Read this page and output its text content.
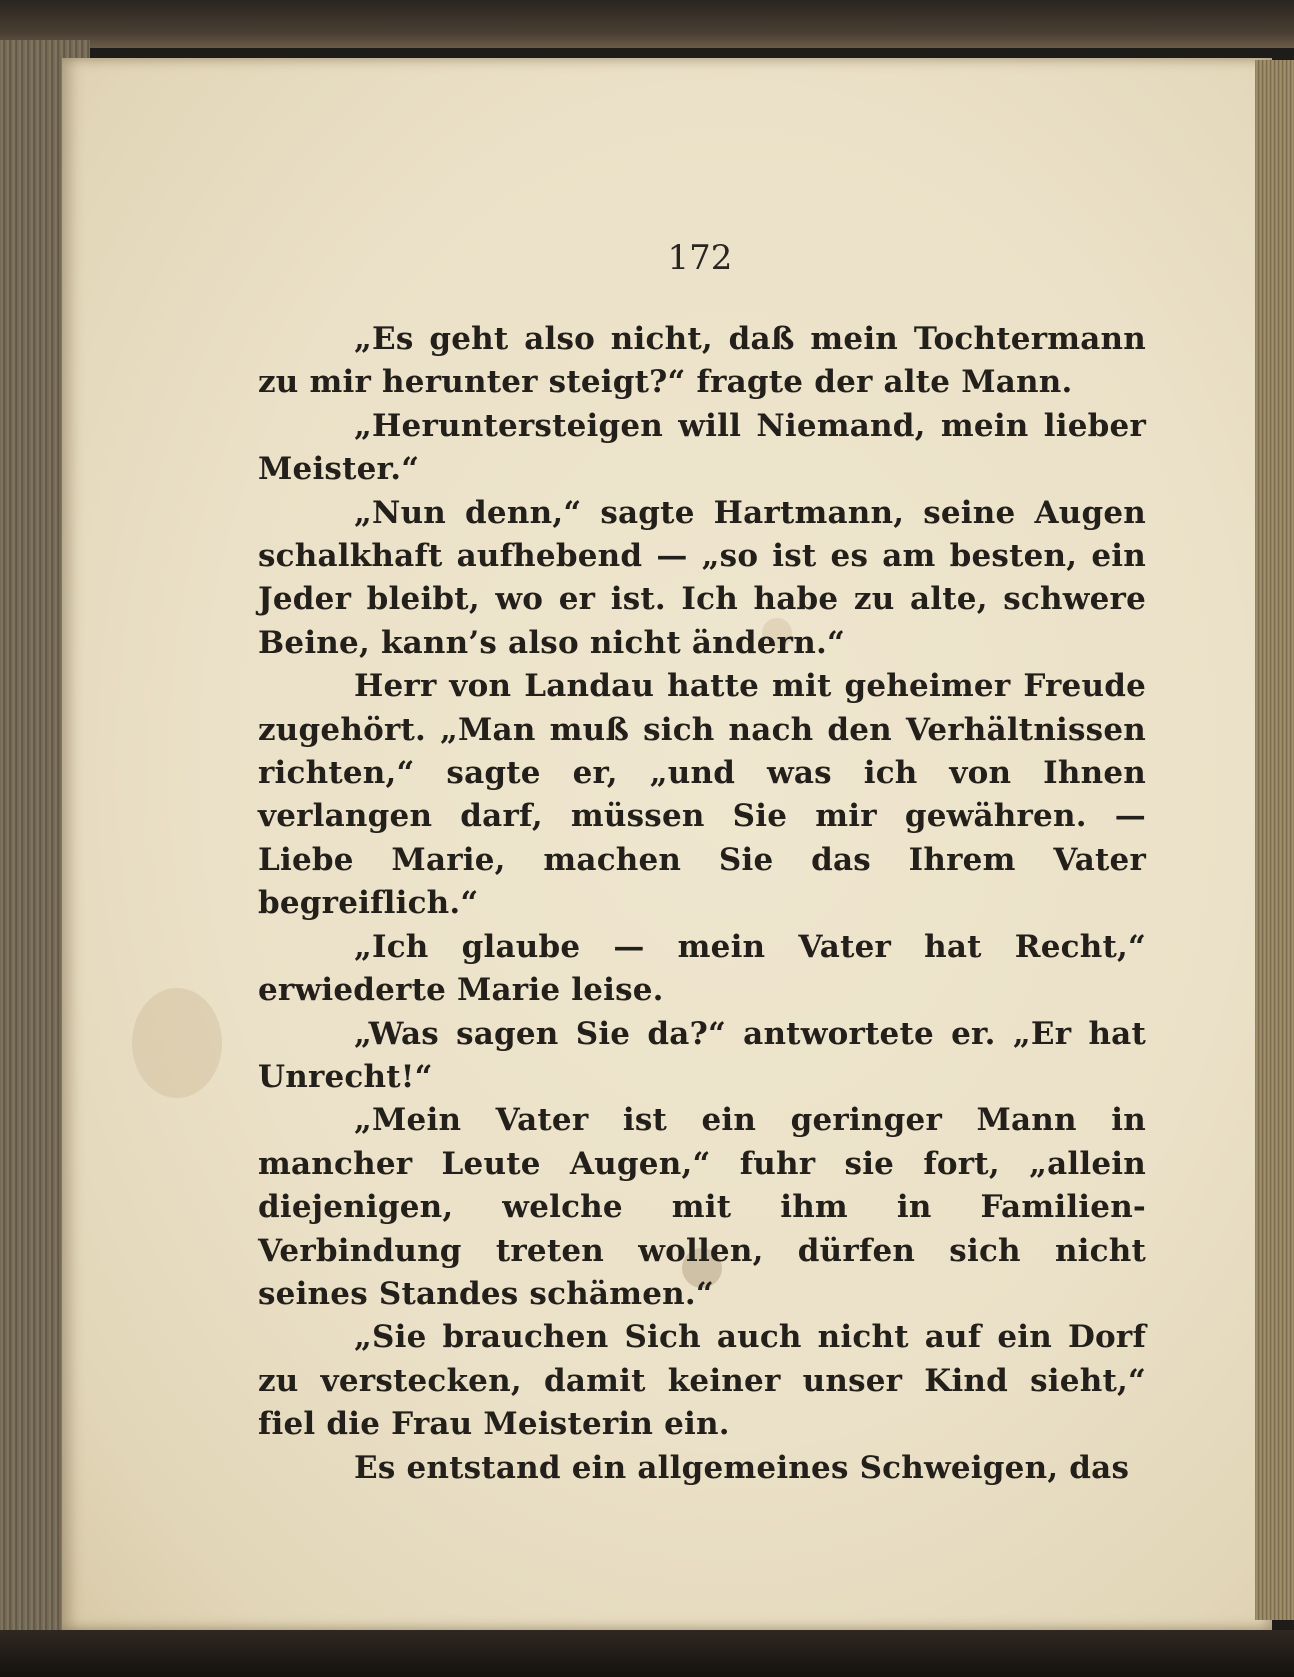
172

„Es geht also nicht, daß mein Tochtermann zu mir herunter steigt?“ fragte der alte Mann.

„Heruntersteigen will Niemand, mein lieber Meister.“

„Nun denn,“ sagte Hartmann, seine Augen schalkhaft aufhebend — „so ist es am besten, ein Jeder bleibt, wo er ist. Ich habe zu alte, schwere Beine, kann’s also nicht ändern.“

Herr von Landau hatte mit geheimer Freude zugehört. „Man muß sich nach den Verhältnissen richten,“ sagte er, „und was ich von Ihnen verlangen darf, müssen Sie mir gewähren. — Liebe Marie, machen Sie das Ihrem Vater begreiflich.“

„Ich glaube — mein Vater hat Recht,“ erwiederte Marie leise.

„Was sagen Sie da?“ antwortete er. „Er hat Unrecht!“

„Mein Vater ist ein geringer Mann in mancher Leute Augen,“ fuhr sie fort, „allein diejenigen, welche mit ihm in Familien-Verbindung treten wollen, dürfen sich nicht seines Standes schämen.“

„Sie brauchen Sich auch nicht auf ein Dorf zu verstecken, damit keiner unser Kind sieht,“ fiel die Frau Meisterin ein.

Es entstand ein allgemeines Schweigen, das
